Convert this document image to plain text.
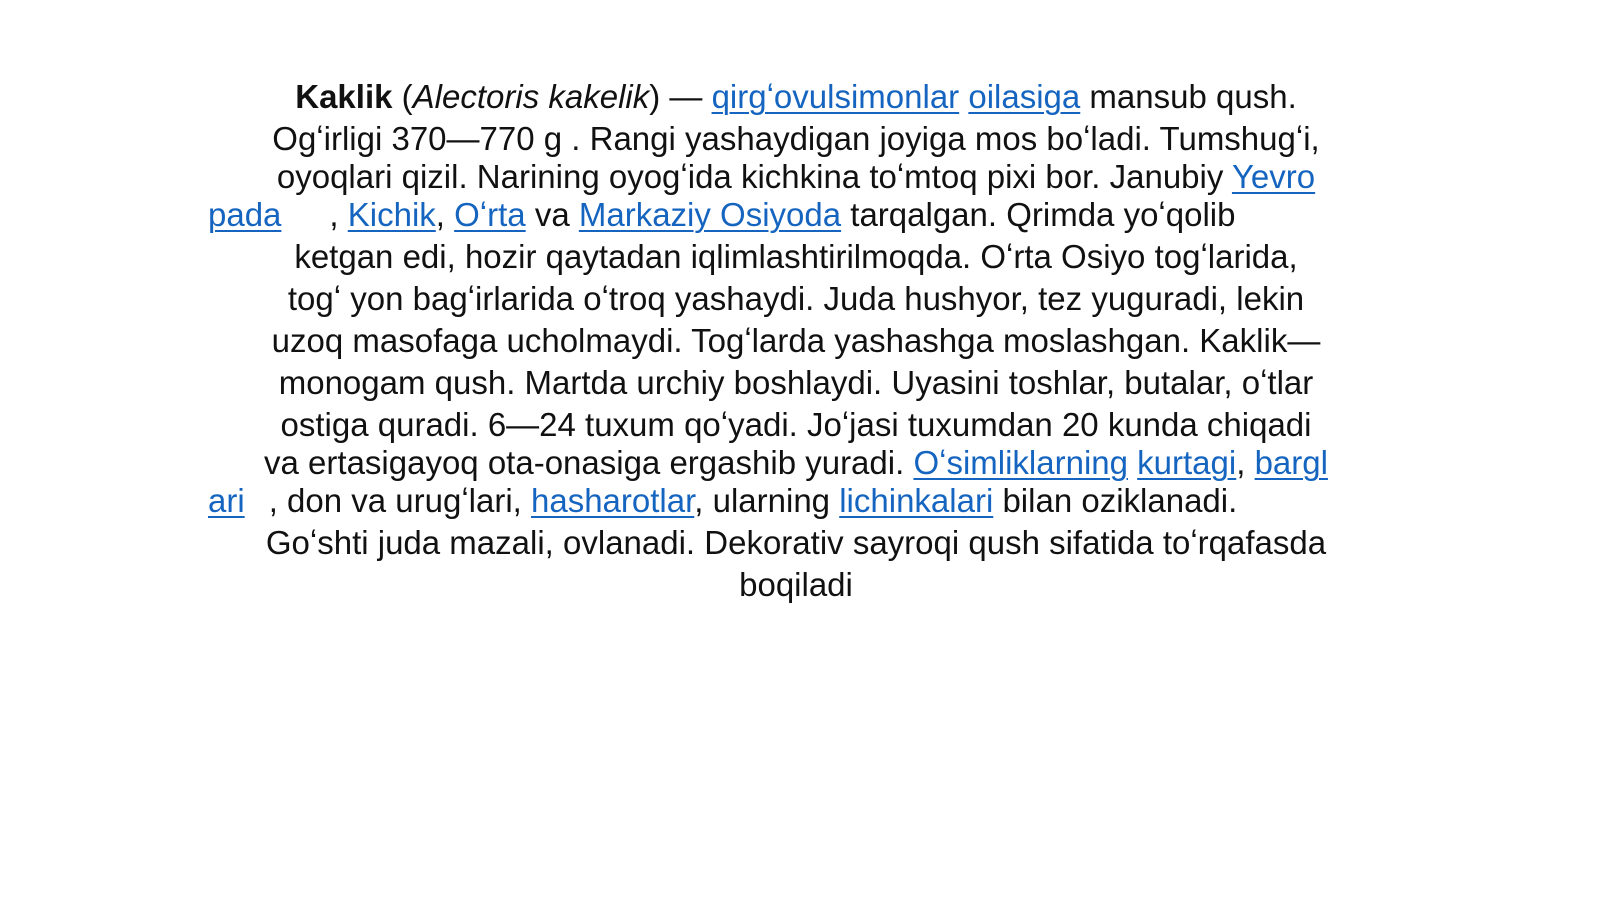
Kaklik (Alectoris kakelik) — qirgʻovulsimonlar oilasiga mansub qush.
Ogʻirligi 370—770 g . Rangi yashaydigan joyiga mos boʻladi. Tumshugʻi,
oyoqlari qizil. Narining oyogʻida kichkina toʻmtoq pixi bor. Janubiy Yevro
pada , Kichik, Oʻrta va Markaziy Osiyoda tarqalgan. Qrimda yoʻqolib
ketgan edi, hozir qaytadan iqlimlashtirilmoqda. Oʻrta Osiyo togʻlarida,
togʻ yon bagʻirlarida oʻtroq yashaydi. Juda hushyor, tez yuguradi, lekin
uzoq masofaga ucholmaydi. Togʻlarda yashashga moslashgan. Kaklik—
monogam qush. Martda urchiy boshlaydi. Uyasini toshlar, butalar, oʻtlar
ostiga quradi. 6—24 tuxum qoʻyadi. Joʻjasi tuxumdan 20 kunda chiqadi
va ertasigayoq ota-onasiga ergashib yuradi. Oʻsimliklarning kurtagi, bargl
ari , don va urugʻlari, hasharotlar, ularning lichinkalari bilan oziklanadi.
Goʻshti juda mazali, ovlanadi. Dekorativ sayroqi qush sifatida toʻrqafasda
boqiladi
